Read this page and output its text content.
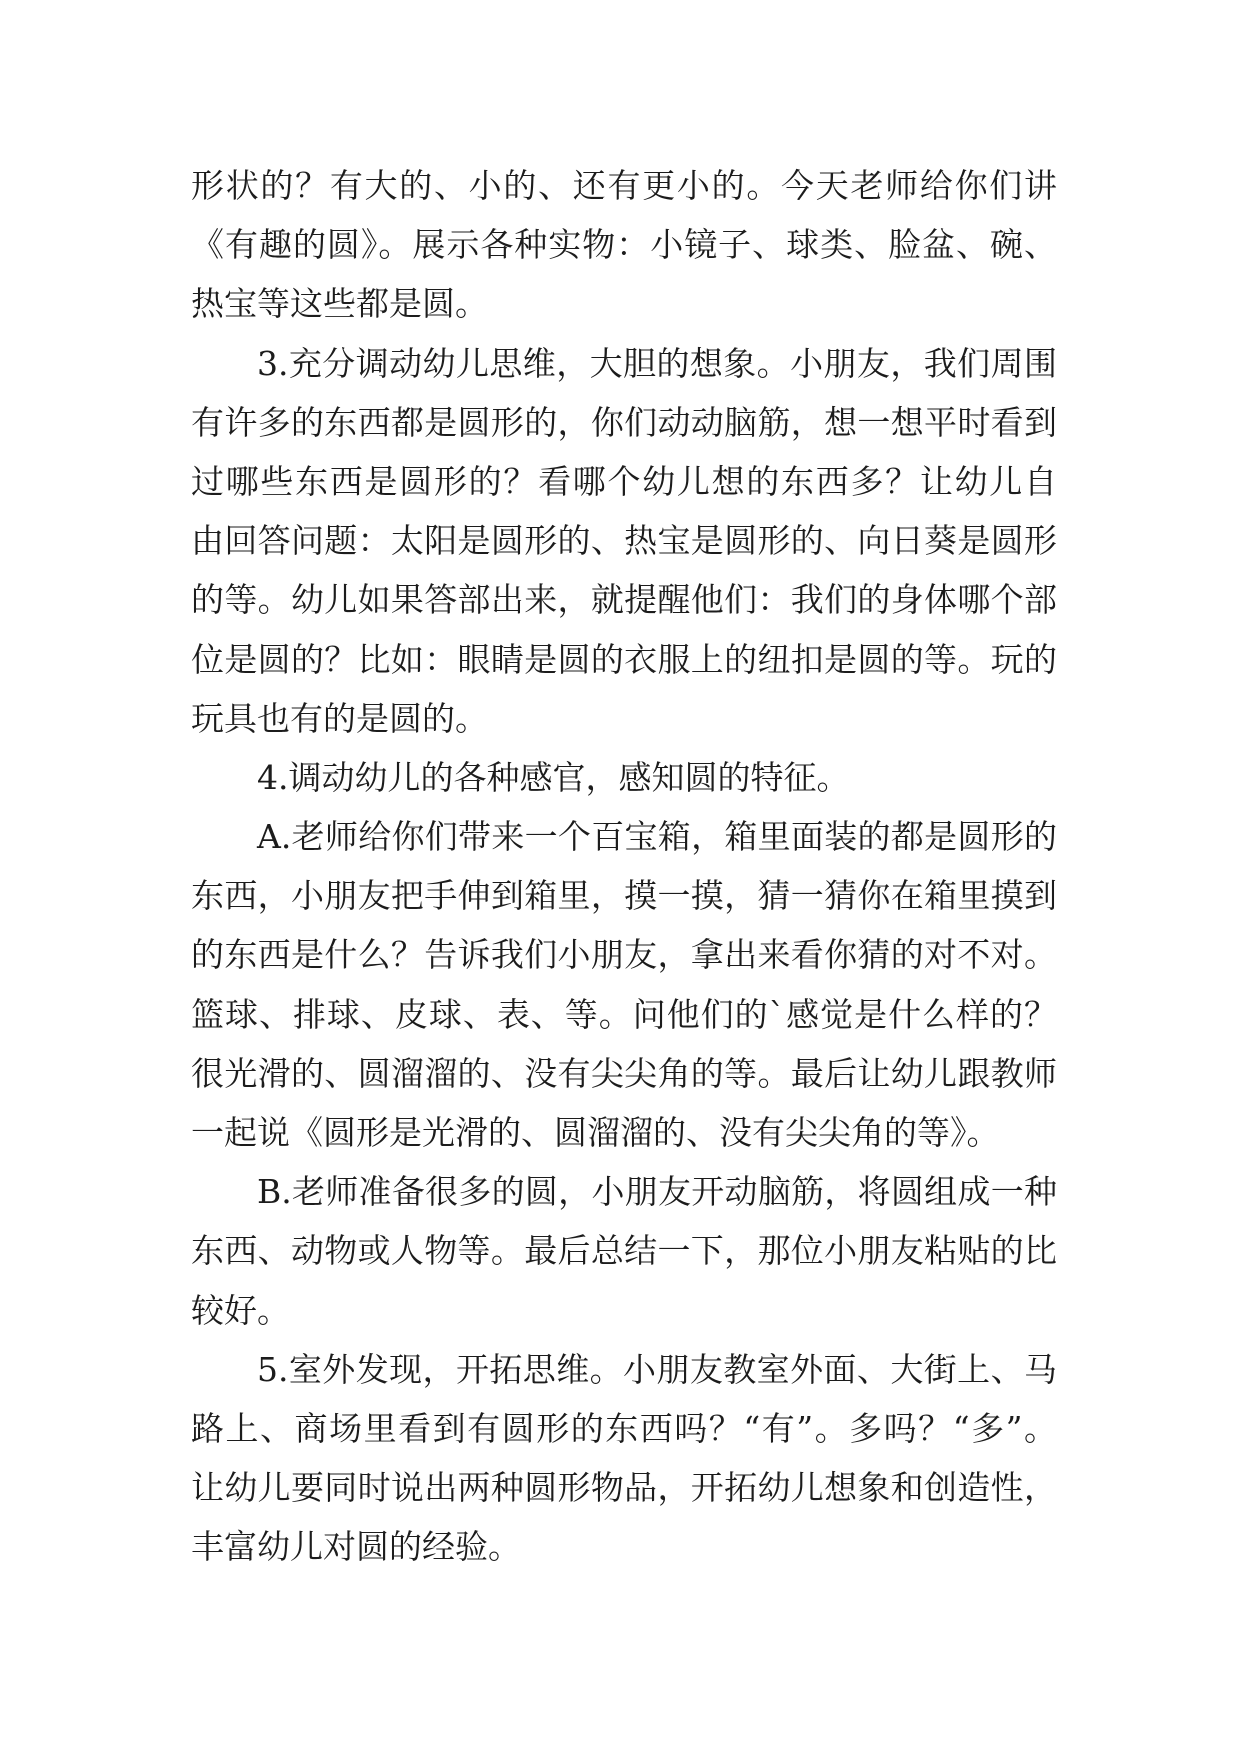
形状的？有大的、小的、还有更小的。今天老师给你们讲
《有趣的圆》。展示各种实物：小镜子、球类、脸盆、碗、
热宝等这些都是圆。
3.充分调动幼儿思维，大胆的想象。小朋友，我们周围
有许多的东西都是圆形的，你们动动脑筋，想一想平时看到
过哪些东西是圆形的？看哪个幼儿想的东西多？让幼儿自
由回答问题：太阳是圆形的、热宝是圆形的、向日葵是圆形
的等。幼儿如果答部出来，就提醒他们：我们的身体哪个部
位是圆的？比如：眼睛是圆的衣服上的纽扣是圆的等。玩的
玩具也有的是圆的。
4.调动幼儿的各种感官，感知圆的特征。
A.老师给你们带来一个百宝箱，箱里面装的都是圆形的
东西，小朋友把手伸到箱里，摸一摸，猜一猜你在箱里摸到
的东西是什么？告诉我们小朋友，拿出来看你猜的对不对。
篮球、排球、皮球、表、等。问他们的`感觉是什么样的？
很光滑的、圆溜溜的、没有尖尖角的等。最后让幼儿跟教师
一起说《圆形是光滑的、圆溜溜的、没有尖尖角的等》。
B.老师准备很多的圆，小朋友开动脑筋，将圆组成一种
东西、动物或人物等。最后总结一下，那位小朋友粘贴的比
较好。
5.室外发现，开拓思维。小朋友教室外面、大街上、马
路上、商场里看到有圆形的东西吗？“有”。多吗？“多”。
让幼儿要同时说出两种圆形物品，开拓幼儿想象和创造性，
丰富幼儿对圆的经验。
